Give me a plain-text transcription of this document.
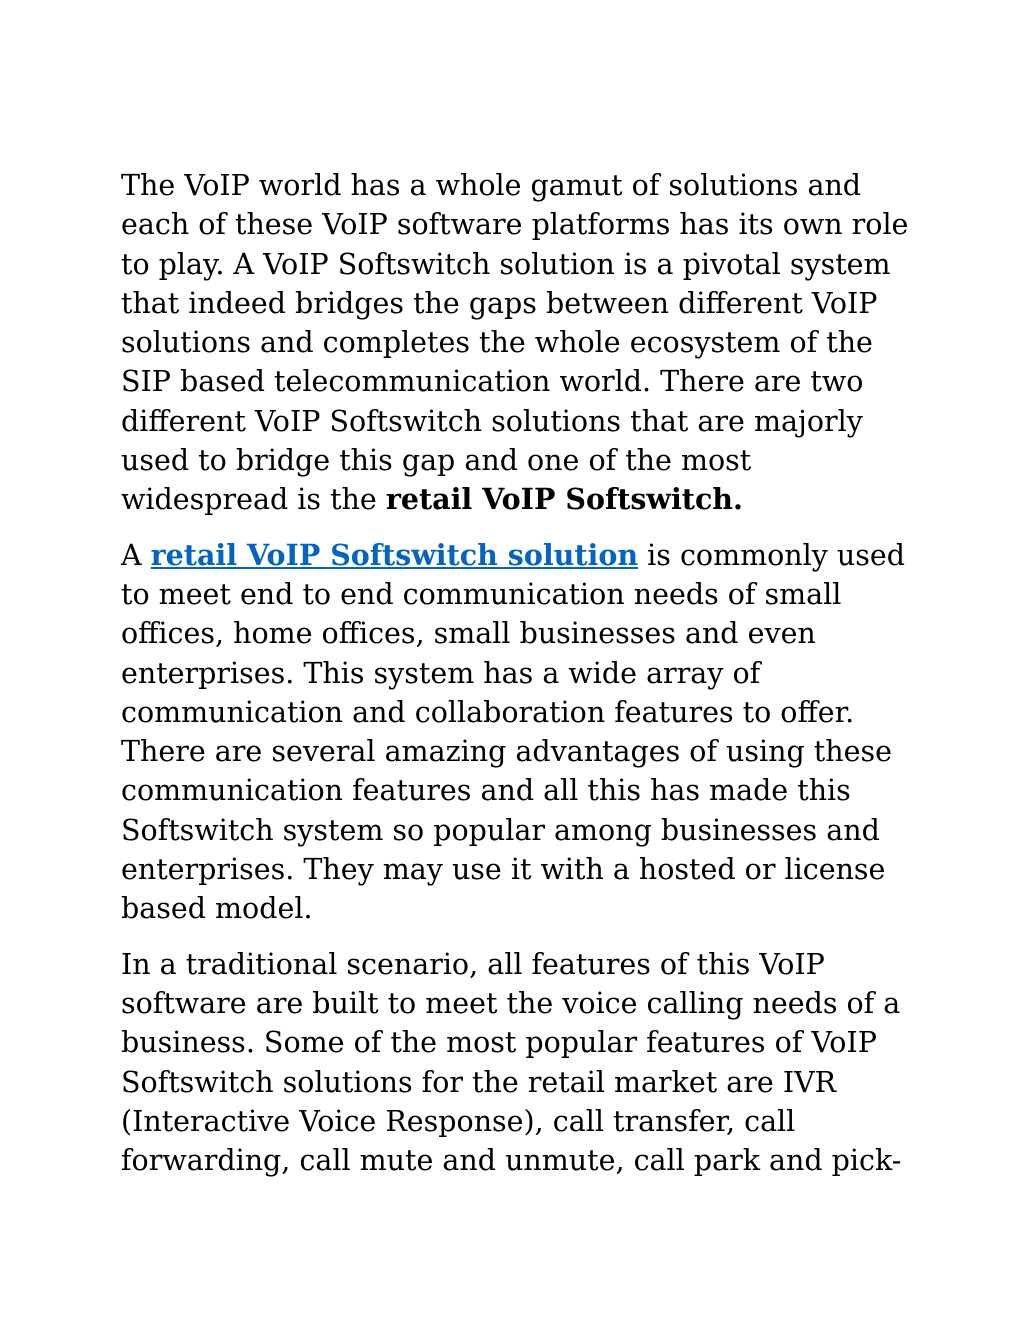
The VoIP world has a whole gamut of solutions and each of these VoIP software platforms has its own role to play. A VoIP Softswitch solution is a pivotal system that indeed bridges the gaps between different VoIP solutions and completes the whole ecosystem of the SIP based telecommunication world. There are two different VoIP Softswitch solutions that are majorly used to bridge this gap and one of the most widespread is the retail VoIP Softswitch.

A retail VoIP Softswitch solution is commonly used to meet end to end communication needs of small offices, home offices, small businesses and even enterprises. This system has a wide array of communication and collaboration features to offer. There are several amazing advantages of using these communication features and all this has made this Softswitch system so popular among businesses and enterprises. They may use it with a hosted or license based model.

In a traditional scenario, all features of this VoIP software are built to meet the voice calling needs of a business. Some of the most popular features of VoIP Softswitch solutions for the retail market are IVR (Interactive Voice Response), call transfer, call forwarding, call mute and unmute, call park and pick-
